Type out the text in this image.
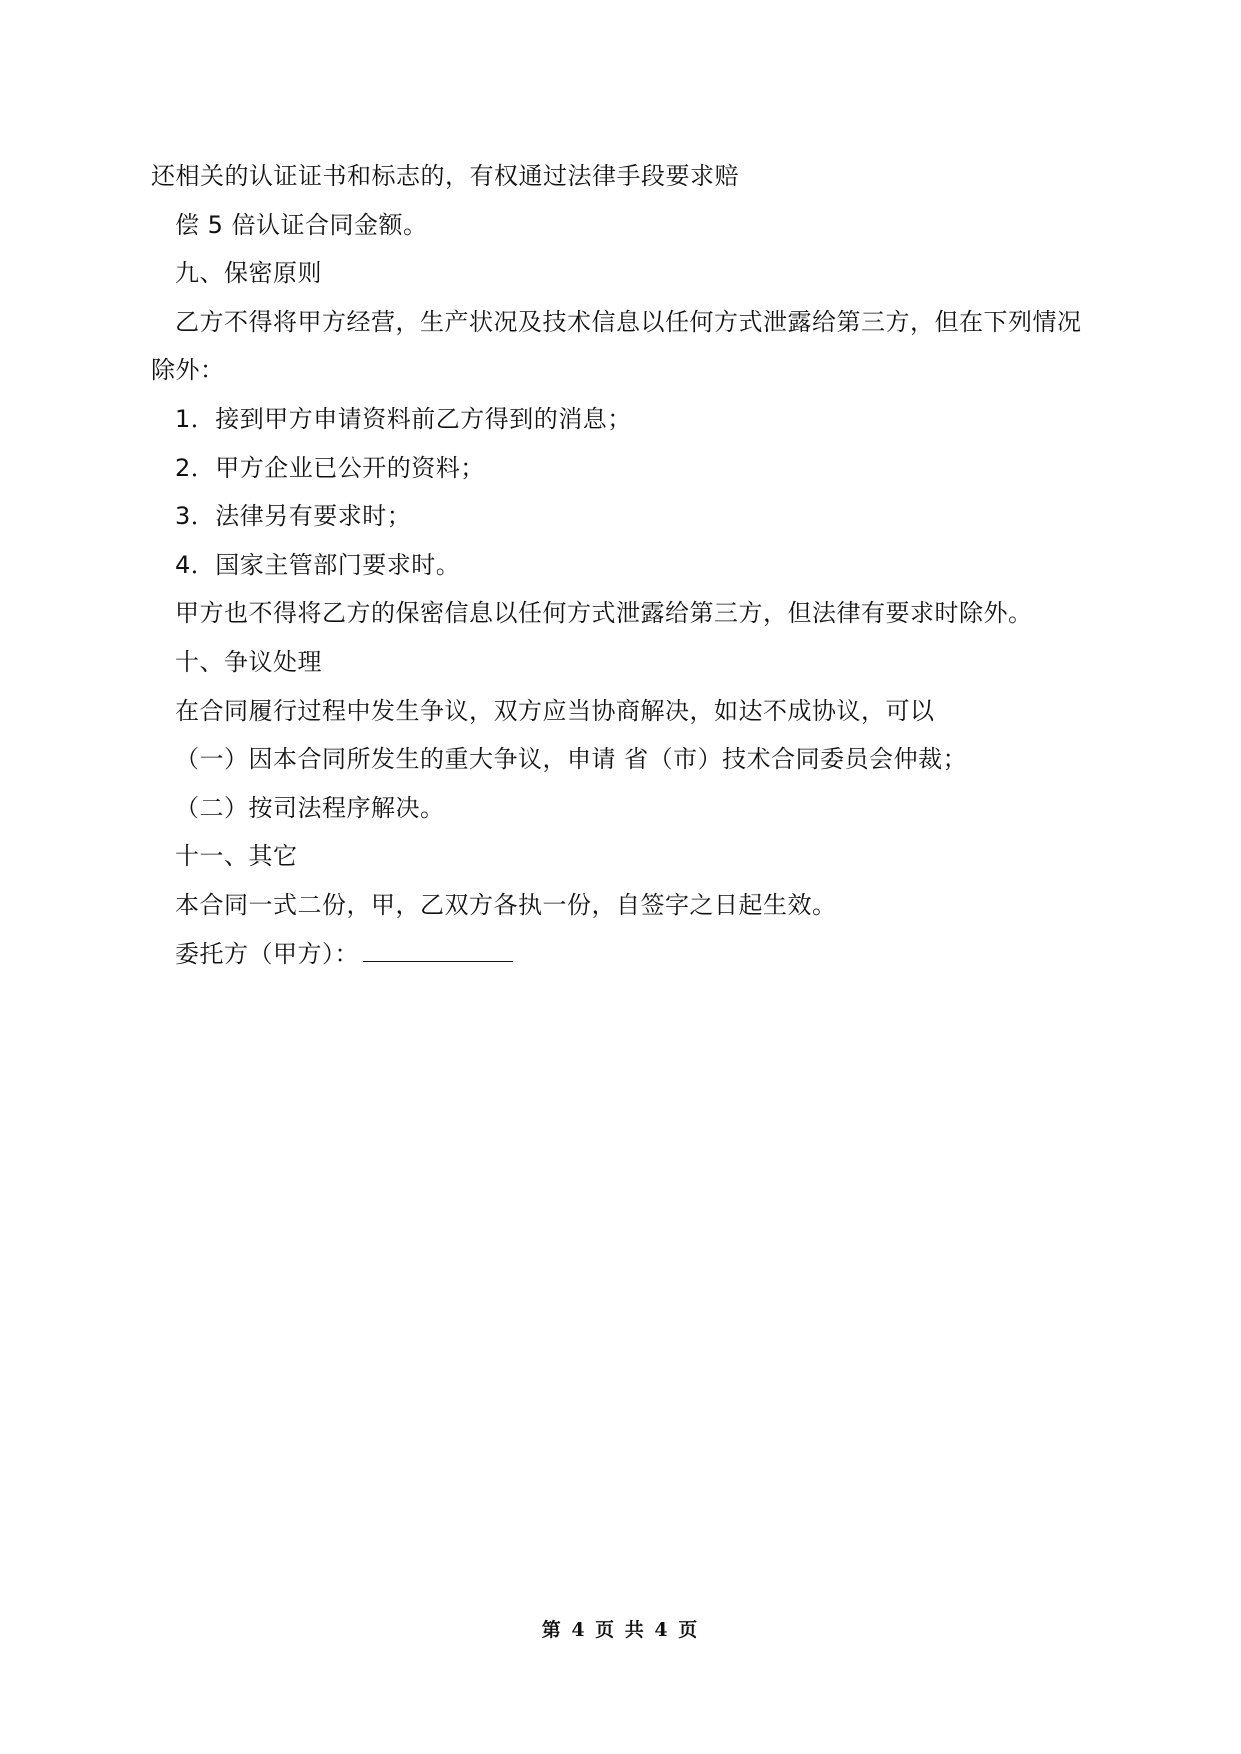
还相关的认证证书和标志的，有权通过法律手段要求赔
偿 5 倍认证合同金额。
九、保密原则
乙方不得将甲方经营，生产状况及技术信息以任何方式泄露给第三方，但在下列情况
除外：
1．接到甲方申请资料前乙方得到的消息；
2．甲方企业已公开的资料；
3．法律另有要求时；
4．国家主管部门要求时。
甲方也不得将乙方的保密信息以任何方式泄露给第三方，但法律有要求时除外。
十、争议处理
在合同履行过程中发生争议，双方应当协商解决，如达不成协议，可以
（一）因本合同所发生的重大争议，申请 省（市）技术合同委员会仲裁；
（二）按司法程序解决。
十一、其它
本合同一式二份，甲，乙双方各执一份，自签字之日起生效。
委托方（甲方）：
第 4 页 共 4 页
